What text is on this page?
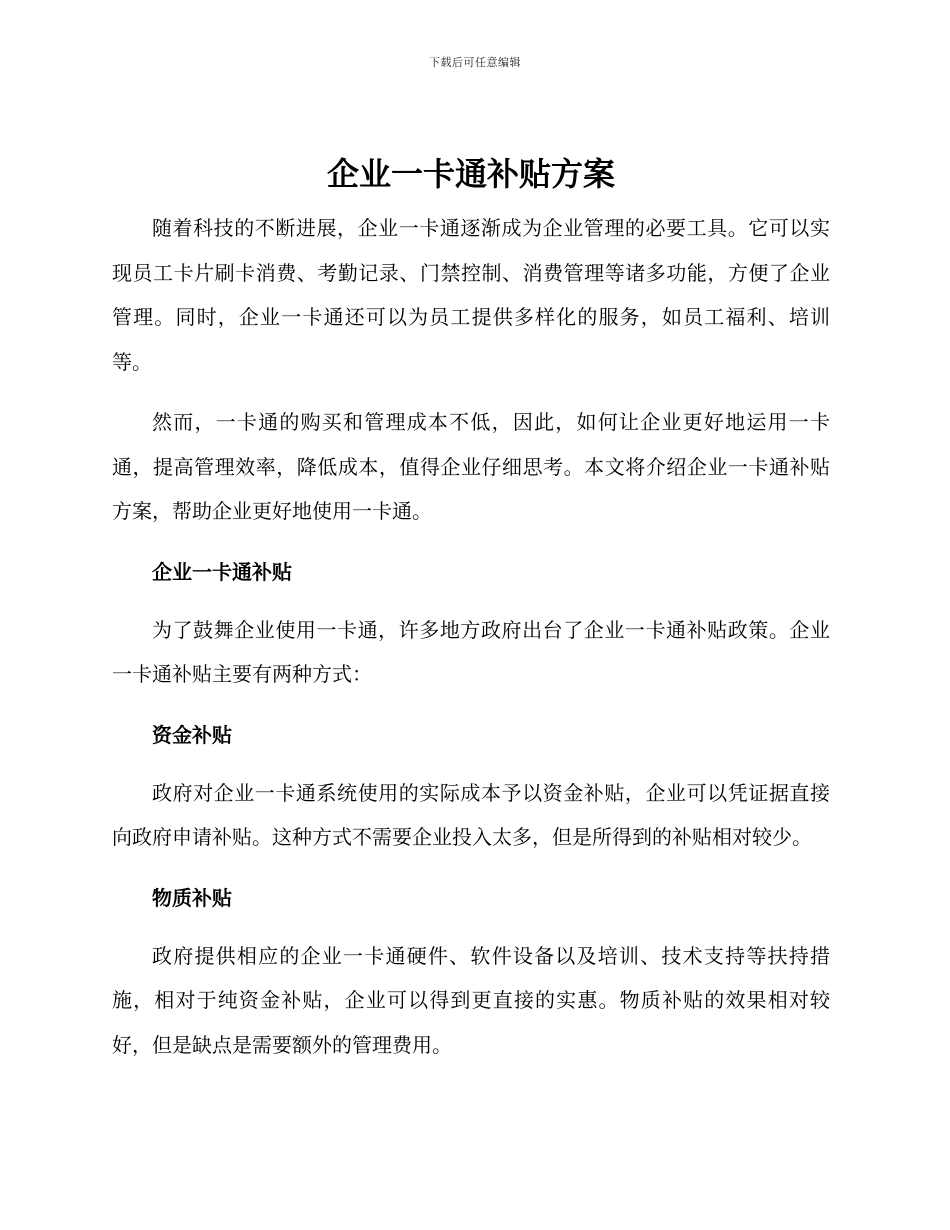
下载后可任意编辑
企业一卡通补贴方案

随着科技的不断进展，企业一卡通逐渐成为企业管理的必要工具。它可以实现员工卡片刷卡消费、考勤记录、门禁控制、消费管理等诸多功能，方便了企业管理。同时，企业一卡通还可以为员工提供多样化的服务，如员工福利、培训等。

然而，一卡通的购买和管理成本不低，因此，如何让企业更好地运用一卡通，提高管理效率，降低成本，值得企业仔细思考。本文将介绍企业一卡通补贴方案，帮助企业更好地使用一卡通。

企业一卡通补贴

为了鼓舞企业使用一卡通，许多地方政府出台了企业一卡通补贴政策。企业一卡通补贴主要有两种方式：

资金补贴

政府对企业一卡通系统使用的实际成本予以资金补贴，企业可以凭证据直接向政府申请补贴。这种方式不需要企业投入太多，但是所得到的补贴相对较少。

物质补贴

政府提供相应的企业一卡通硬件、软件设备以及培训、技术支持等扶持措施，相对于纯资金补贴，企业可以得到更直接的实惠。物质补贴的效果相对较好，但是缺点是需要额外的管理费用。
